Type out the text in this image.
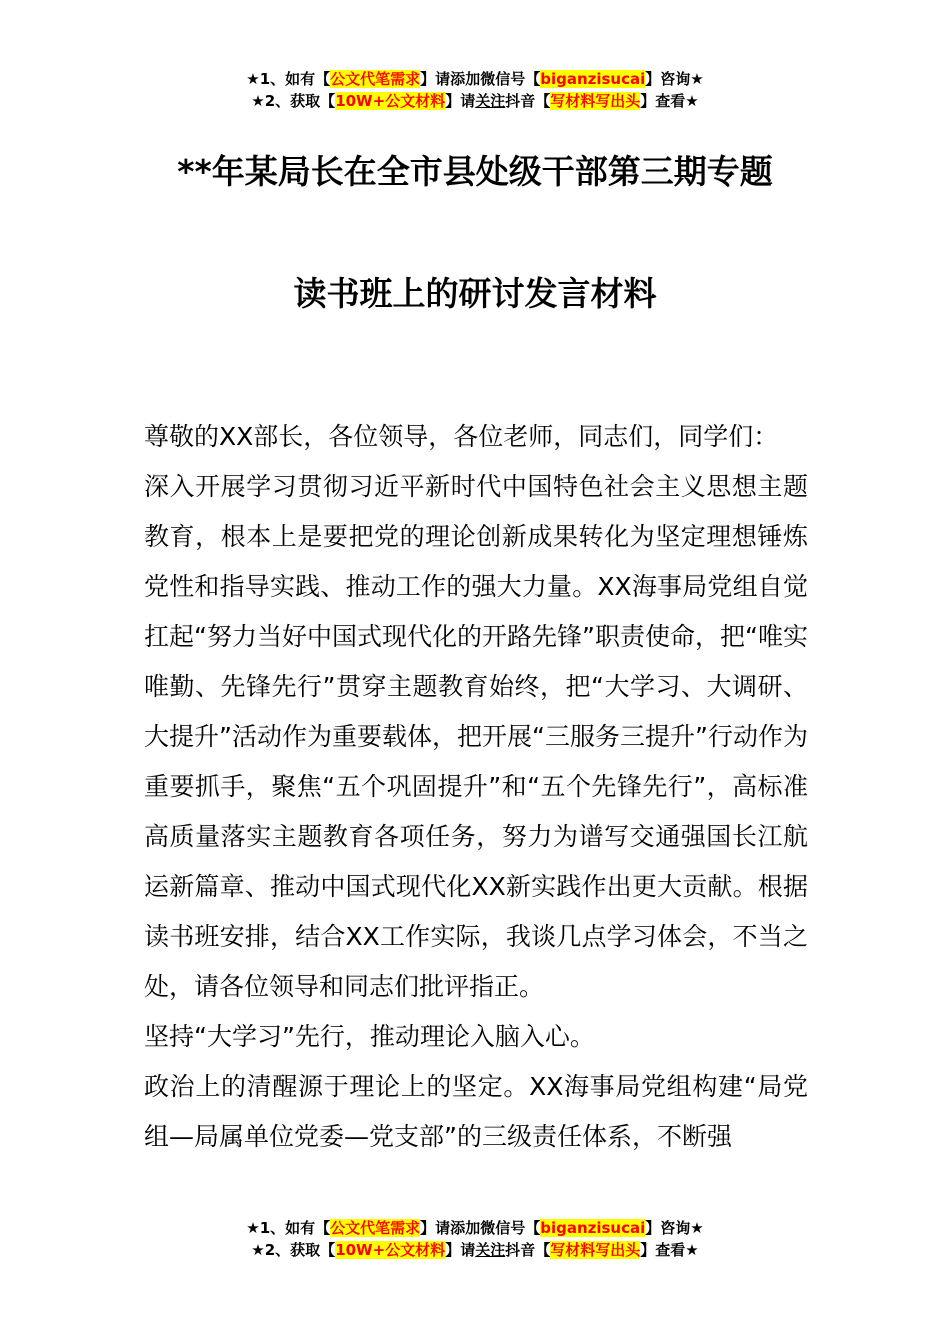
★1、如有【公文代笔需求】请添加微信号【biganzisucai】咨询★
★2、获取【10W+公文材料】请关注抖音【写材料写出头】查看★
**年某局长在全市县处级干部第三期专题
读书班上的研讨发言材料

尊敬的XX部长，各位领导，各位老师，同志们，同学们：

深入开展学习贯彻习近平新时代中国特色社会主义思想主题教育，根本上是要把党的理论创新成果转化为坚定理想锤炼党性和指导实践、推动工作的强大力量。XX海事局党组自觉扛起“努力当好中国式现代化的开路先锋”职责使命，把“唯实唯勤、先锋先行”贯穿主题教育始终，把“大学习、大调研、大提升”活动作为重要载体，把开展“三服务三提升”行动作为重要抓手，聚焦“五个巩固提升”和“五个先锋先行”，高标准高质量落实主题教育各项任务，努力为谱写交通强国长江航运新篇章、推动中国式现代化XX新实践作出更大贡献。根据读书班安排，结合XX工作实际，我谈几点学习体会，不当之处，请各位领导和同志们批评指正。

坚持“大学习”先行，推动理论入脑入心。

政治上的清醒源于理论上的坚定。XX海事局党组构建“局党组—局属单位党委—党支部”的三级责任体系，不断强

★1、如有【公文代笔需求】请添加微信号【biganzisucai】咨询★
★2、获取【10W+公文材料】请关注抖音【写材料写出头】查看★
